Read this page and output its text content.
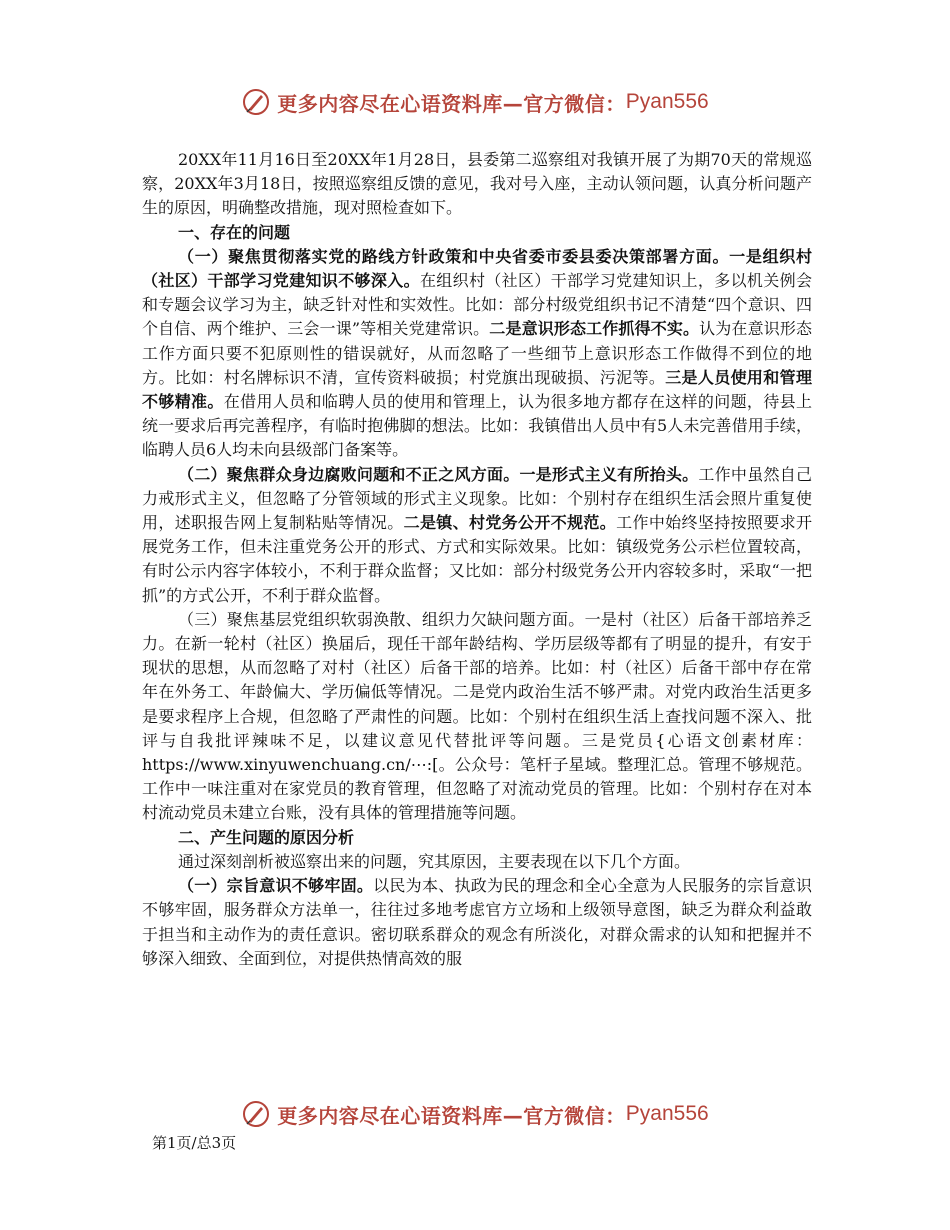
更多内容尽在心语资料库—官方微信： Pyan556

20XX年11月16日至20XX年1月28日，县委第二巡察组对我镇开展了为期70天的常规巡察，20XX年3月18日，按照巡察组反馈的意见，我对号入座，主动认领问题，认真分析问题产生的原因，明确整改措施，现对照检查如下。

一、存在的问题

（一）聚焦贯彻落实党的路线方针政策和中央省委市委县委决策部署方面。一是组织村（社区）干部学习党建知识不够深入。在组织村（社区）干部学习党建知识上，多以机关例会和专题会议学习为主，缺乏针对性和实效性。比如：部分村级党组织书记不清楚“四个意识、四个自信、两个维护、三会一课”等相关党建常识。二是意识形态工作抓得不实。认为在意识形态工作方面只要不犯原则性的错误就好，从而忽略了一些细节上意识形态工作做得不到位的地方。比如：村名牌标识不清，宣传资料破损；村党旗出现破损、污泥等。三是人员使用和管理不够精准。在借用人员和临聘人员的使用和管理上，认为很多地方都存在这样的问题，待县上统一要求后再完善程序，有临时抱佛脚的想法。比如：我镇借出人员中有5人未完善借用手续，临聘人员6人均未向县级部门备案等。

（二）聚焦群众身边腐败问题和不正之风方面。一是形式主义有所抬头。工作中虽然自己力戒形式主义，但忽略了分管领域的形式主义现象。比如：个别村存在组织生活会照片重复使用，述职报告网上复制粘贴等情况。二是镇、村党务公开不规范。工作中始终坚持按照要求开展党务工作，但未注重党务公开的形式、方式和实际效果。比如：镇级党务公示栏位置较高，有时公示内容字体较小，不利于群众监督；又比如：部分村级党务公开内容较多时，采取“一把抓”的方式公开，不利于群众监督。

（三）聚焦基层党组织软弱涣散、组织力欠缺问题方面。一是村（社区）后备干部培养乏力。在新一轮村（社区）换届后，现任干部年龄结构、学历层级等都有了明显的提升，有安于现状的思想，从而忽略了对村（社区）后备干部的培养。比如：村（社区）后备干部中存在常年在外务工、年龄偏大、学历偏低等情况。二是党内政治生活不够严肃。对党内政治生活更多是要求程序上合规，但忽略了严肃性的问题。比如：个别村在组织生活上查找问题不深入、批评与自我批评辣味不足，以建议意见代替批评等问题。三是党员{心语文创素材库：https://www.xinyuwenchuang.cn/⋯:[。公众号：笔杆子星域。整理汇总。管理不够规范。工作中一味注重对在家党员的教育管理，但忽略了对流动党员的管理。比如：个别村存在对本村流动党员未建立台账，没有具体的管理措施等问题。

二、产生问题的原因分析

通过深刻剖析被巡察出来的问题，究其原因，主要表现在以下几个方面。

（一）宗旨意识不够牢固。以民为本、执政为民的理念和全心全意为人民服务的宗旨意识不够牢固，服务群众方法单一，往往过多地考虑官方立场和上级领导意图，缺乏为群众利益敢于担当和主动作为的责任意识。密切联系群众的观念有所淡化，对群众需求的认知和把握并不够深入细致、全面到位，对提供热情高效的服

更多内容尽在心语资料库—官方微信： Pyan556
第1页/总3页
